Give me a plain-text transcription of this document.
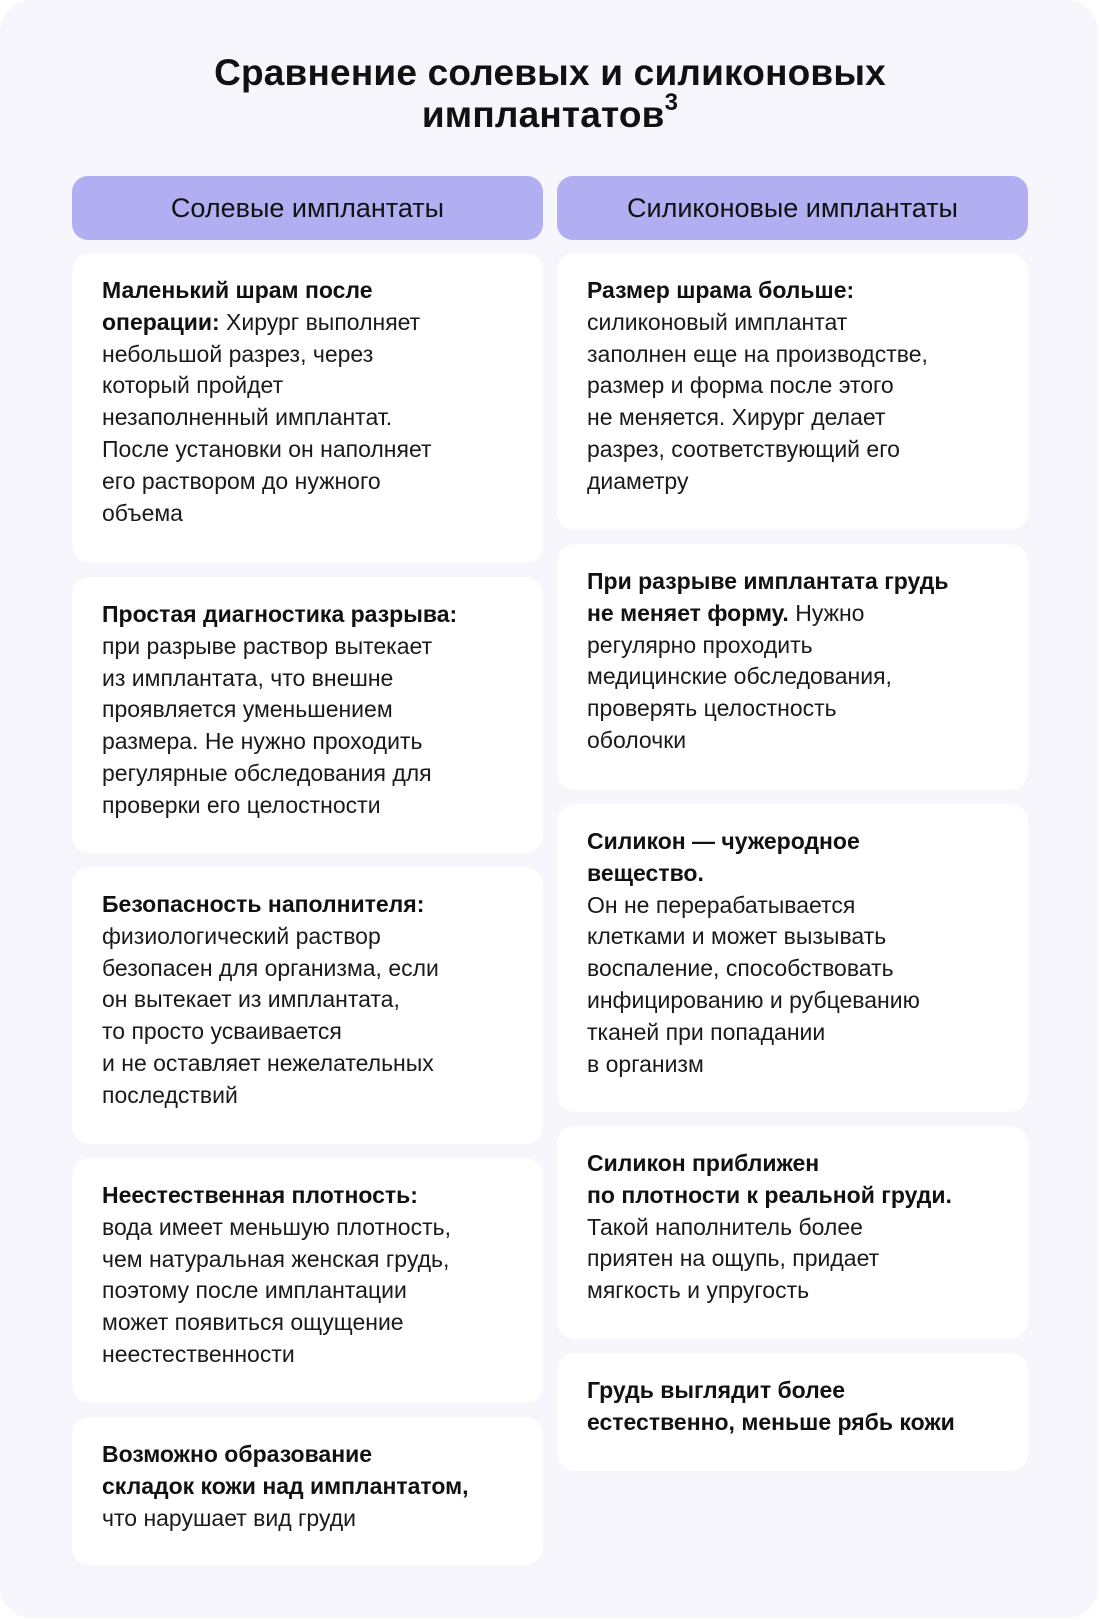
Сравнение солевых и силиконовых
имплантатов$^3$
Солевые имплантаты
Маленький шрам после
операции: Хирург выполняет
небольшой разрез, через
который пройдет
незаполненный имплантат.
После установки он наполняет
его раствором до нужного
объема
Простая диагностика разрыва:
при разрыве раствор вытекает
из имплантата, что внешне
проявляется уменьшением
размера. Не нужно проходить
регулярные обследования для
проверки его целостности
Безопасность наполнителя:
физиологический раствор
безопасен для организма, если
он вытекает из имплантата,
то просто усваивается
и не оставляет нежелательных
последствий
Неестественная плотность:
вода имеет меньшую плотность,
чем натуральная женская грудь,
поэтому после имплантации
может появиться ощущение
неестественности
Возможно образование
складок кожи над имплантатом,
что нарушает вид груди
Силиконовые имплантаты
Размер шрама больше:
силиконовый имплантат
заполнен еще на производстве,
размер и форма после этого
не меняется. Хирург делает
разрез, соответствующий его
диаметру
При разрыве имплантата грудь
не меняет форму. Нужно
регулярно проходить
медицинские обследования,
проверять целостность
оболочки
Силикон — чужеродное
вещество.
Он не перерабатывается
клетками и может вызывать
воспаление, способствовать
инфицированию и рубцеванию
тканей при попадании
в организм
Силикон приближен
по плотности к реальной груди.
Такой наполнитель более
приятен на ощупь, придает
мягкость и упругость
Грудь выглядит более
естественно, меньше рябь кожи
